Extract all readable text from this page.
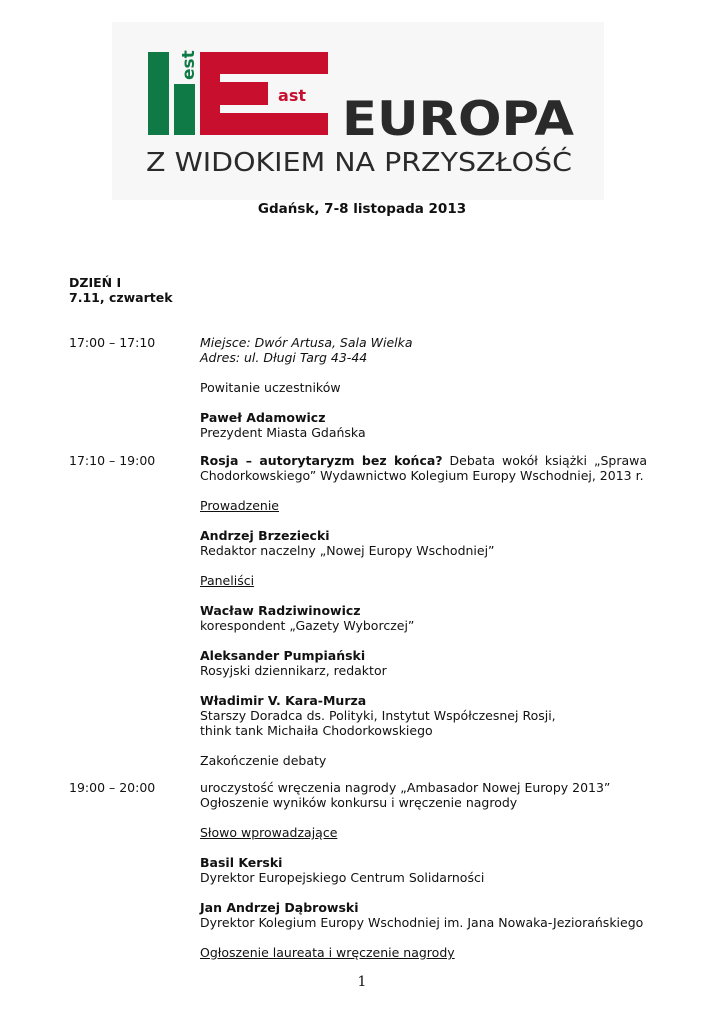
est
ast EUROPA
Z WIDOKIEM NA PRZYSZŁOŚĆ
Gdańsk, 7-8 listopada 2013
DZIEŃ I
7.11, czwartek
17:00 – 17:10	Miejsce: Dwór Artusa, Sala Wielka

Adres: ul. Długi Targ 43-44

Powitanie uczestników

Paweł Adamowicz

Prezydent Miasta Gdańska

17:10 – 19:00	Rosja – autorytaryzm bez końca? Debata wokół książki „Sprawa Chodorkowskiego” Wydawnictwo Kolegium Europy Wschodniej, 2013 r.

Prowadzenie

Andrzej Brzeziecki

Redaktor naczelny „Nowej Europy Wschodniej”

Paneliści

Wacław Radziwinowicz

korespondent „Gazety Wyborczej”

Aleksander Pumpiański

Rosyjski dziennikarz, redaktor

Władimir V. Kara-Murza

Starszy Doradca ds. Polityki, Instytut Współczesnej Rosji,

think tank Michaiła Chodorkowskiego

Zakończenie debaty

19:00 – 20:00	uroczystość wręczenia nagrody „Ambasador Nowej Europy 2013”

Ogłoszenie wyników konkursu i wręczenie nagrody

Słowo wprowadzające

Basil Kerski

Dyrektor Europejskiego Centrum Solidarności

Jan Andrzej Dąbrowski

Dyrektor Kolegium Europy Wschodniej im. Jana Nowaka-Jeziorańskiego

Ogłoszenie laureata i wręczenie nagrody

1
